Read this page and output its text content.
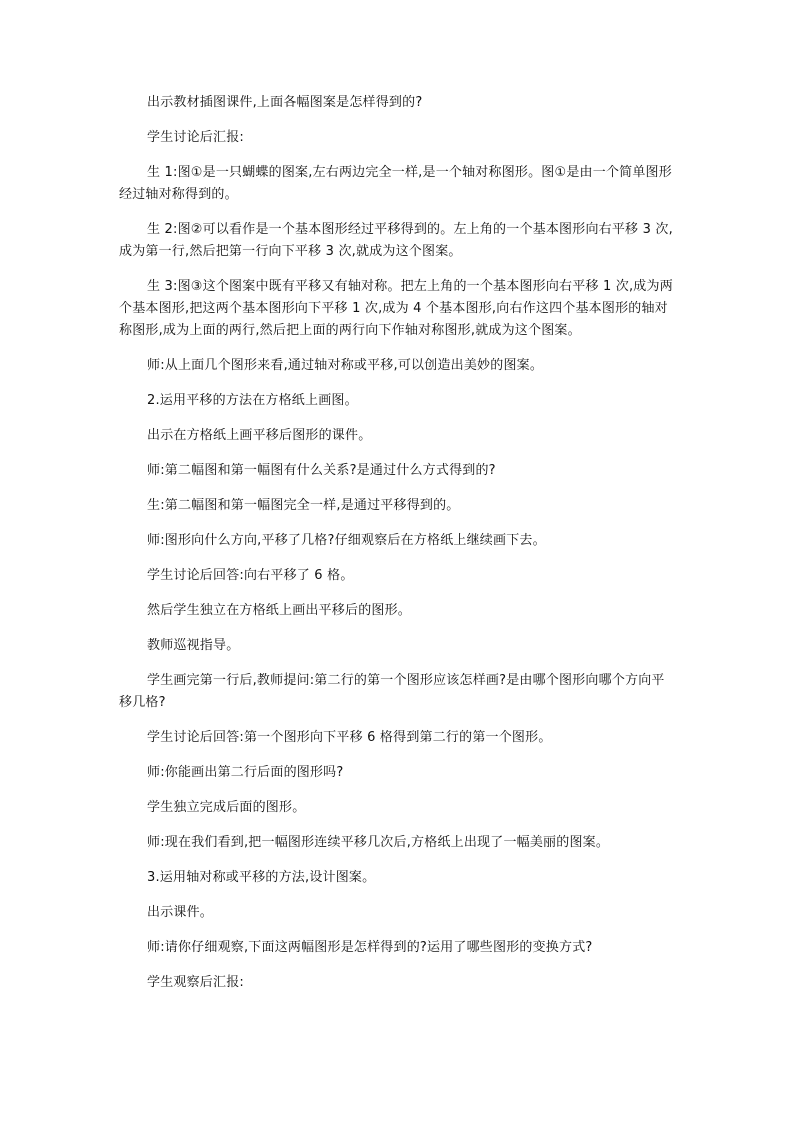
出示教材插图课件,上面各幅图案是怎样得到的?

学生讨论后汇报:

生 1:图①是一只蝴蝶的图案,左右两边完全一样,是一个轴对称图形。图①是由一个简单图形经过轴对称得到的。

生 2:图②可以看作是一个基本图形经过平移得到的。左上角的一个基本图形向右平移 3 次,成为第一行,然后把第一行向下平移 3 次,就成为这个图案。

生 3:图③这个图案中既有平移又有轴对称。把左上角的一个基本图形向右平移 1 次,成为两个基本图形,把这两个基本图形向下平移 1 次,成为 4 个基本图形,向右作这四个基本图形的轴对称图形,成为上面的两行,然后把上面的两行向下作轴对称图形,就成为这个图案。

师:从上面几个图形来看,通过轴对称或平移,可以创造出美妙的图案。

2.运用平移的方法在方格纸上画图。

出示在方格纸上画平移后图形的课件。

师:第二幅图和第一幅图有什么关系?是通过什么方式得到的?

生:第二幅图和第一幅图完全一样,是通过平移得到的。

师:图形向什么方向,平移了几格?仔细观察后在方格纸上继续画下去。

学生讨论后回答:向右平移了 6 格。

然后学生独立在方格纸上画出平移后的图形。

教师巡视指导。

学生画完第一行后,教师提问:第二行的第一个图形应该怎样画?是由哪个图形向哪个方向平移几格?

学生讨论后回答:第一个图形向下平移 6 格得到第二行的第一个图形。

师:你能画出第二行后面的图形吗?

学生独立完成后面的图形。

师:现在我们看到,把一幅图形连续平移几次后,方格纸上出现了一幅美丽的图案。

3.运用轴对称或平移的方法,设计图案。

出示课件。

师:请你仔细观察,下面这两幅图形是怎样得到的?运用了哪些图形的变换方式?

学生观察后汇报:
